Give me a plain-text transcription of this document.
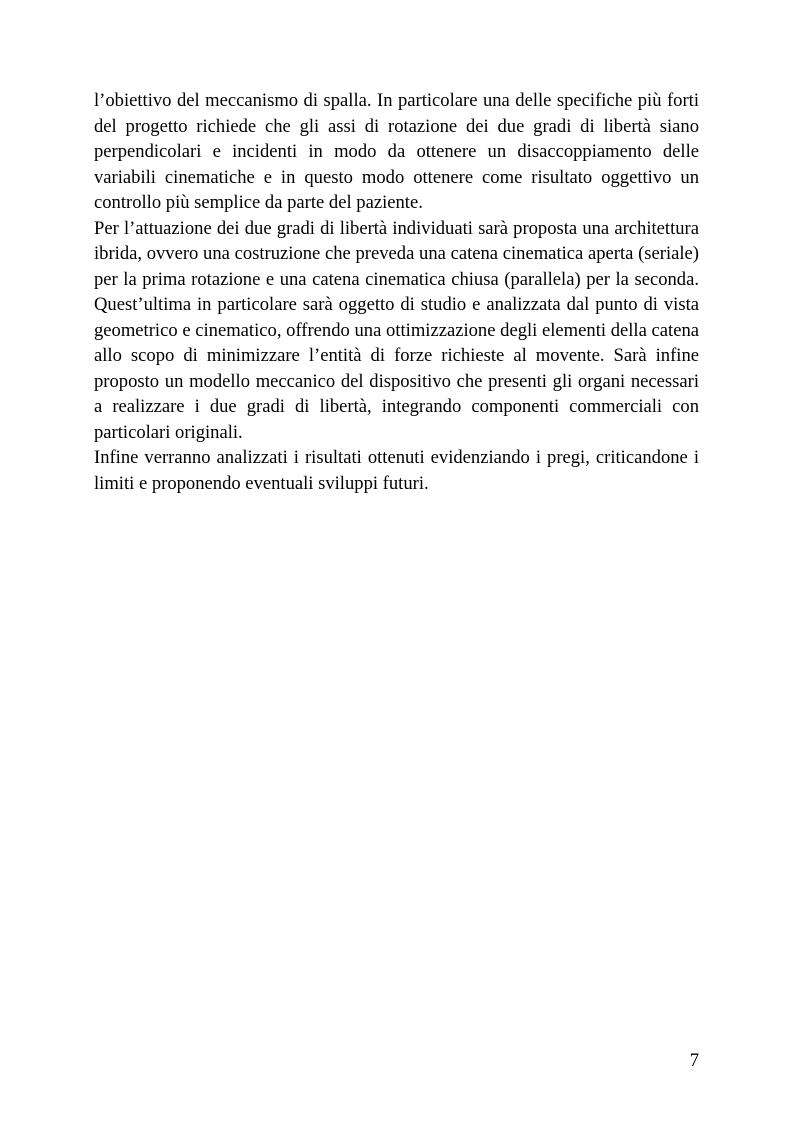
l’obiettivo del meccanismo di spalla. In particolare una delle specifiche più forti del progetto richiede che gli assi di rotazione dei due gradi di libertà siano perpendicolari e incidenti in modo da ottenere un disaccoppiamento delle variabili cinematiche e in questo modo ottenere come risultato oggettivo un controllo più semplice da parte del paziente.

Per l’attuazione dei due gradi di libertà individuati sarà proposta una architettura ibrida, ovvero una costruzione che preveda una catena cinematica aperta (seriale) per la prima rotazione e una catena cinematica chiusa (parallela) per la seconda. Quest’ultima in particolare sarà oggetto di studio e analizzata dal punto di vista geometrico e cinematico, offrendo una ottimizzazione degli elementi della catena allo scopo di minimizzare l’entità di forze richieste al movente. Sarà infine proposto un modello meccanico del dispositivo che presenti gli organi necessari a realizzare i due gradi di libertà, integrando componenti commerciali con particolari originali.

Infine verranno analizzati i risultati ottenuti evidenziando i pregi, criticandone i limiti e proponendo eventuali sviluppi futuri.

7
